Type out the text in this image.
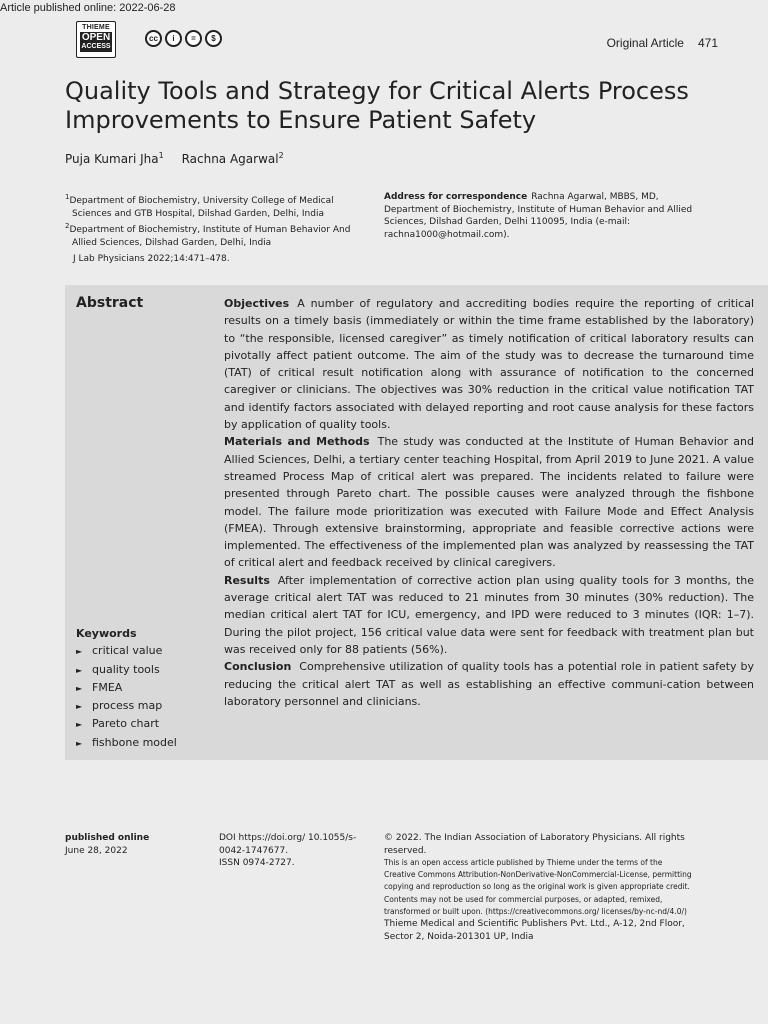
Article published online: 2022-06-28
THIEME
OPEN
ACCESS
cc	i	=	$	Original Article 471
Quality Tools and Strategy for Critical Alerts Process Improvements to Ensure Patient Safety
Puja Kumari Jha$^1$ Rachna Agarwal$^2$
$^1$Department of Biochemistry, University College of Medical Sciences and GTB Hospital, Dilshad Garden, Delhi, India
$^2$Department of Biochemistry, Institute of Human Behavior And Allied Sciences, Dilshad Garden, Delhi, India
Address for correspondence Rachna Agarwal, MBBS, MD, Department of Biochemistry, Institute of Human Behavior and Allied Sciences, Dilshad Garden, Delhi 110095, India (e-mail: rachna1000@hotmail.com).
J Lab Physicians 2022;14:471–478.
Abstract	Objectives A number of regulatory and accrediting bodies require the reporting of critical results on a timely basis (immediately or within the time frame established by the laboratory) to “the responsible, licensed caregiver” as timely notification of critical laboratory results can pivotally affect patient outcome. The aim of the study was to decrease the turnaround time (TAT) of critical result notification along with assurance of notification to the concerned caregiver or clinicians. The objectives was 30% reduction in the critical value notification TAT and identify factors associated with delayed reporting and root cause analysis for these factors by application of quality tools.

Materials and Methods The study was conducted at the Institute of Human Behavior and Allied Sciences, Delhi, a tertiary center teaching Hospital, from April 2019 to June 2021. A value streamed Process Map of critical alert was prepared. The incidents related to failure were presented through Pareto chart. The possible causes were analyzed through the fishbone model. The failure mode prioritization was executed with Failure Mode and Effect Analysis (FMEA). Through extensive brainstorming, appropriate and feasible corrective actions were implemented. The effectiveness of the implemented plan was analyzed by reassessing the TAT of critical alert and feedback received by clinical caregivers.

Results After implementation of corrective action plan using quality tools for 3 months, the average critical alert TAT was reduced to 21 minutes from 30 minutes (30% reduction). The median critical alert TAT for ICU, emergency, and IPD were reduced to 3 minutes (IQR: 1–7). During the pilot project, 156 critical value data were sent for feedback with treatment plan but was received only for 88 patients (56%).

Conclusion Comprehensive utilization of quality tools has a potential role in patient safety by reducing the critical alert TAT as well as establishing an effective communi-cation between laboratory personnel and clinicians.

Keywords
► critical value
► quality tools
► FMEA
► process map
► Pareto chart
► fishbone model
published online
June 28, 2022
DOI https://doi.org/ 10.1055/s-0042-1747677.
ISSN 0974-2727.
© 2022. The Indian Association of Laboratory Physicians. All rights reserved.
This is an open access article published by Thieme under the terms of the Creative Commons Attribution-NonDerivative-NonCommercial-License, permitting copying and reproduction so long as the original work is given appropriate credit. Contents may not be used for commercial purposes, or adapted, remixed, transformed or built upon. (https://creativecommons.org/ licenses/by-nc-nd/4.0/)
Thieme Medical and Scientific Publishers Pvt. Ltd., A-12, 2nd Floor, Sector 2, Noida-201301 UP, India
